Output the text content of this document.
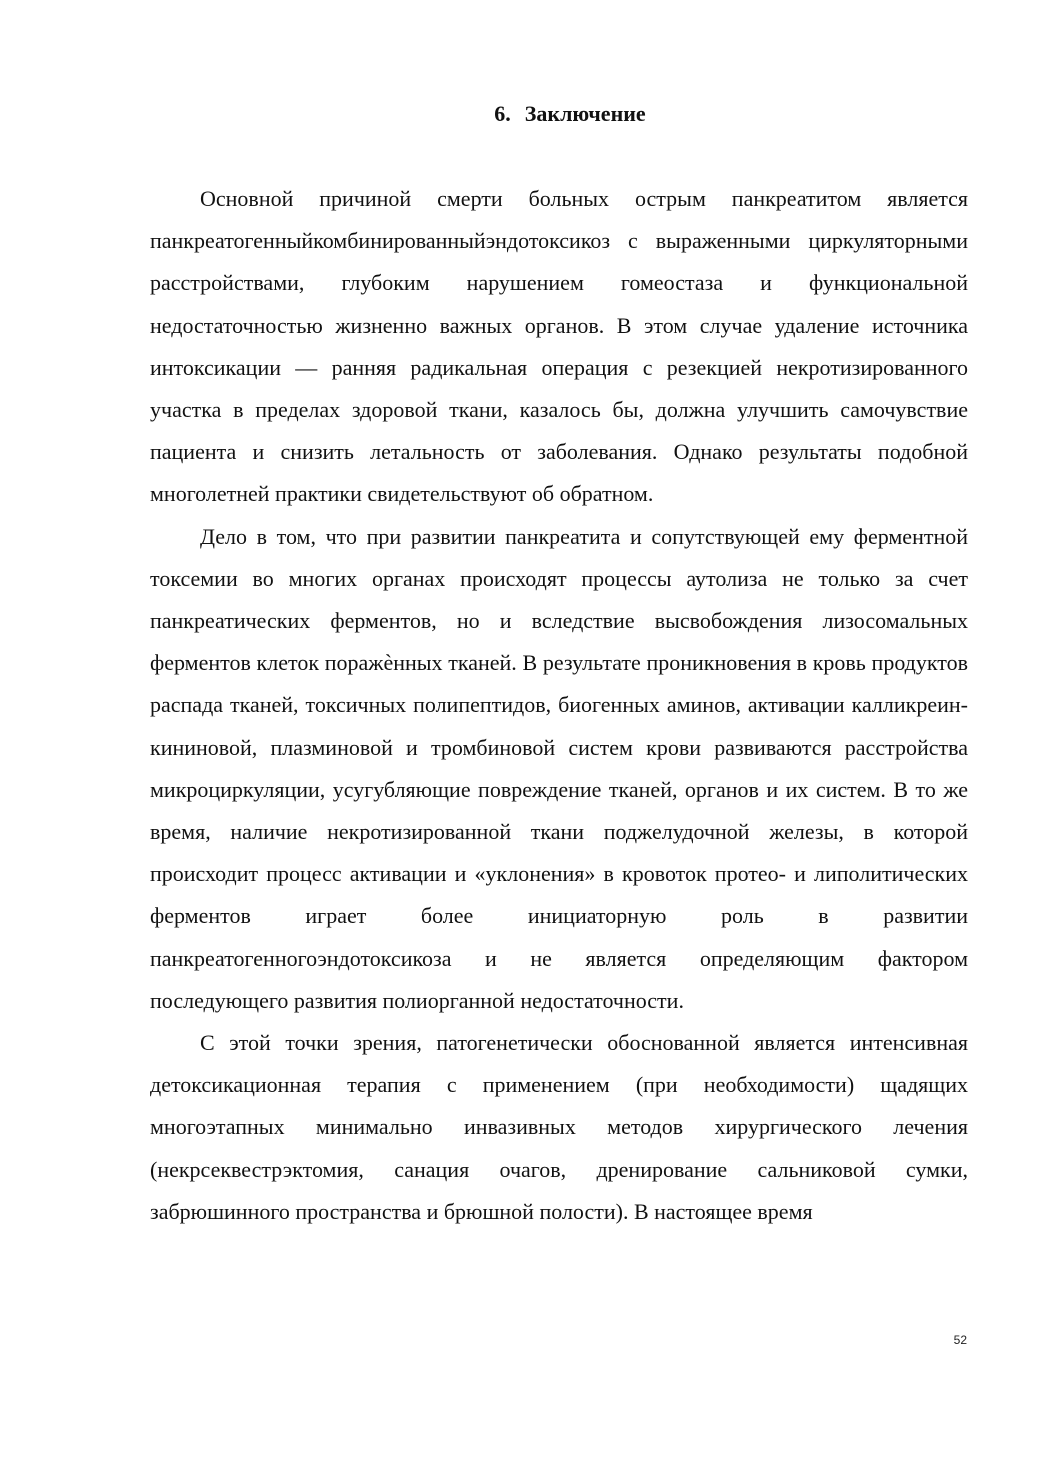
6. Заключение

Основной причиной смерти больных острым панкреатитом является панкреатогенныйкомбинированныйэндотоксикоз с выраженными циркуляторными расстройствами, глубоким нарушением гомеостаза и функциональной недостаточностью жизненно важных органов. В этом случае удаление источника интоксикации — ранняя радикальная операция с резекцией некротизированного участка в пределах здоровой ткани, казалось бы, должна улучшить самочувствие пациента и снизить летальность от заболевания. Однако результаты подобной многолетней практики свидетельствуют об обратном.

Дело в том, что при развитии панкреатита и сопутствующей ему ферментной токсемии во многих органах происходят процессы аутолиза не только за счет панкреатических ферментов, но и вследствие высвобождения лизосомальных ферментов клеток поражѐнных тканей. В результате проникновения в кровь продуктов распада тканей, токсичных полипептидов, биогенных аминов, активации калликреин-кининовой, плазминовой и тромбиновой систем крови развиваются расстройства микроциркуляции, усугубляющие повреждение тканей, органов и их систем. В то же время, наличие некротизированной ткани поджелудочной железы, в которой происходит процесс активации и «уклонения» в кровоток протео- и липолитических ферментов играет более инициаторную роль в развитии панкреатогенногоэндотоксикоза и не является определяющим фактором последующего развития полиорганной недостаточности.

С этой точки зрения, патогенетически обоснованной является интенсивная детоксикационная терапия с применением (при необходимости) щадящих многоэтапных минимально инвазивных методов хирургического лечения (некрсеквестрэктомия, санация очагов, дренирование сальниковой сумки, забрюшинного пространства и брюшной полости). В настоящее время

52
